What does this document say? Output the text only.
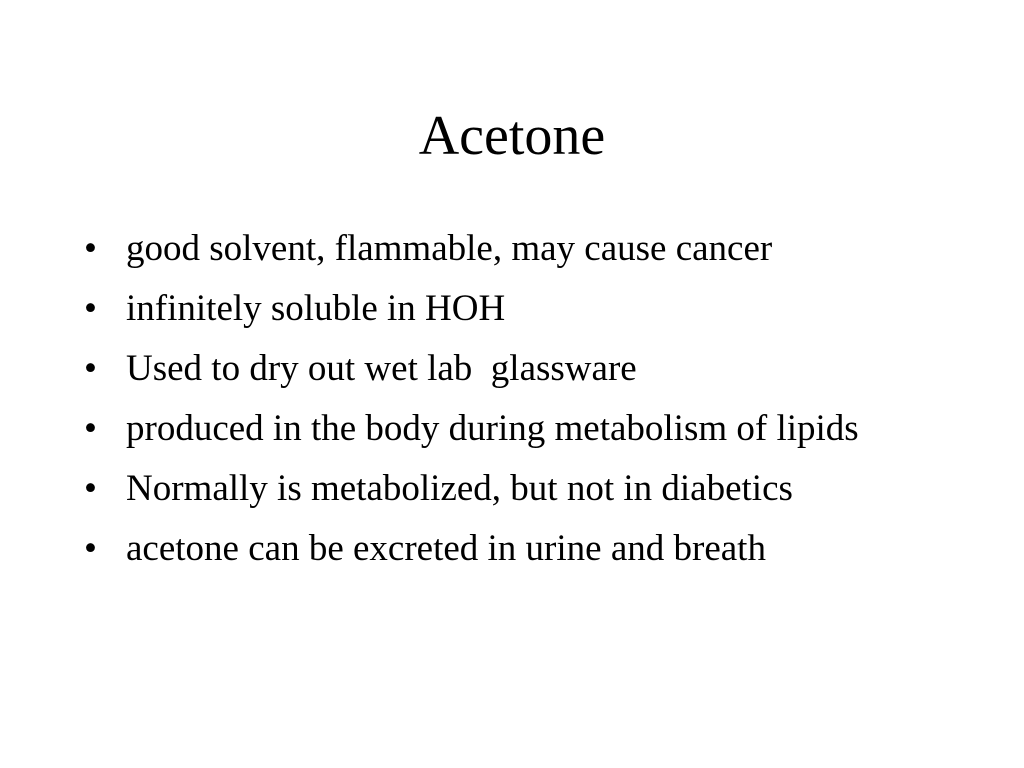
Acetone
• good solvent, flammable, may cause cancer
• infinitely soluble in HOH
• Used to dry out wet lab  glassware
• produced in the body during metabolism of lipids
• Normally is metabolized, but not in diabetics
• acetone can be excreted in urine and breath
